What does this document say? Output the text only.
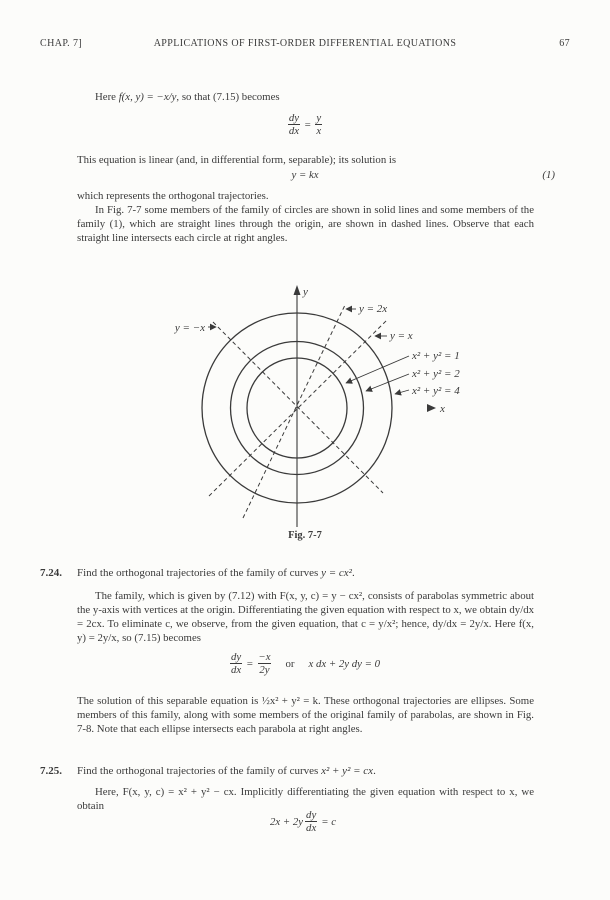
CHAP. 7]	APPLICATIONS OF FIRST-ORDER DIFFERENTIAL EQUATIONS	67
Here f(x, y) = −x/y, so that (7.15) becomes
$\frac{dy}{dx} = \frac{y}{x}$
This equation is linear (and, in differential form, separable); its solution is
y = kx	(1)
which represents the orthogonal trajectories.
In Fig. 7-7 some members of the family of circles are shown in solid lines and some members of the family (1), which are straight lines through the origin, are shown in dashed lines. Observe that each straight line intersects each circle at right angles.
y
x
y = −x
y = 2x
y = x
x² + y² = 1
x² + y² = 2
x² + y² = 4
Fig. 7-7
7.24. Find the orthogonal trajectories of the family of curves y = cx².
The family, which is given by (7.12) with F(x, y, c) = y − cx², consists of parabolas symmetric about the y-axis with vertices at the origin. Differentiating the given equation with respect to x, we obtain dy/dx = 2cx. To eliminate c, we observe, from the given equation, that c = y/x²; hence, dy/dx = 2y/x. Here f(x, y) = 2y/x, so (7.15) becomes
$\frac{dy}{dx} = \frac{-x}{2y}$ or x dx + 2y dy = 0
The solution of this separable equation is ½x² + y² = k. These orthogonal trajectories are ellipses. Some members of this family, along with some members of the original family of parabolas, are shown in Fig. 7-8. Note that each ellipse intersects each parabola at right angles.
7.25. Find the orthogonal trajectories of the family of curves x² + y² = cx.
Here, F(x, y, c) = x² + y² − cx. Implicitly differentiating the given equation with respect to x, we obtain
$2x + 2y \frac{dy}{dx} = c$
